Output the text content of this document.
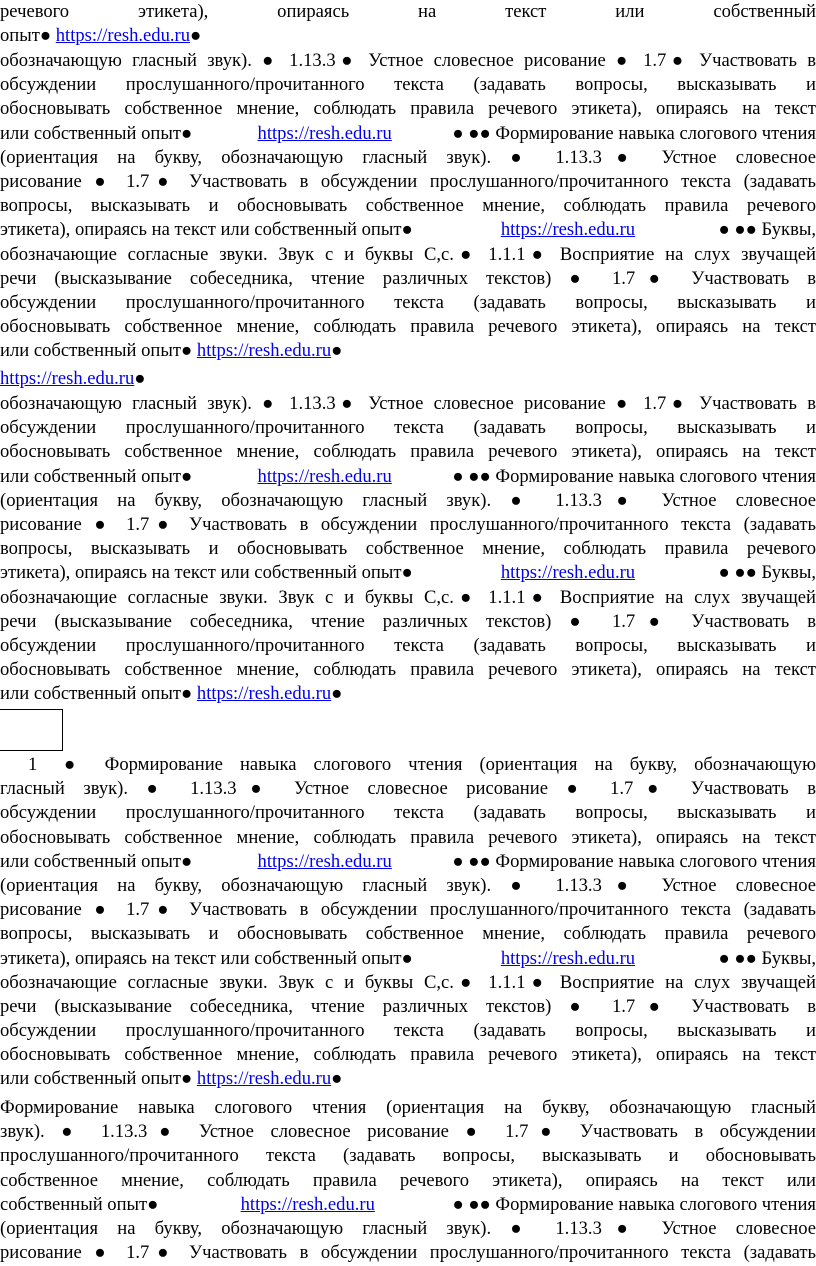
речевого этикета), опираясь на текст или собственный
опыт● https://resh.edu.ru●
обозначающую гласный звук). ● 1.13.3● Устное словесное рисование ● 1.7● Участвовать в
обсуждении прослушанного/прочитанного текста (задавать вопросы, высказывать и
обосновывать собственное мнение, соблюдать правила речевого этикета), опираясь на текст
или собственный опыт●	https://resh.edu.ru	● ●● Формирование навыка слогового чтения
(ориентация на букву, обозначающую гласный звук). ● 1.13.3● Устное словесное
рисование ● 1.7● Участвовать в обсуждении прослушанного/прочитанного текста (задавать
вопросы, высказывать и обосновывать собственное мнение, соблюдать правила речевого
этикета), опираясь на текст или собственный опыт●	https://resh.edu.ru	● ●● Буквы,
обозначающие согласные звуки. Звук с и буквы С,с.● 1.1.1● Восприятие на слух звучащей
речи (высказывание собеседника, чтение различных текстов) ● 1.7● Участвовать в
обсуждении прослушанного/прочитанного текста (задавать вопросы, высказывать и
обосновывать собственное мнение, соблюдать правила речевого этикета), опираясь на текст
или собственный опыт● https://resh.edu.ru●
https://resh.edu.ru●
обозначающую гласный звук). ● 1.13.3● Устное словесное рисование ● 1.7● Участвовать в
обсуждении прослушанного/прочитанного текста (задавать вопросы, высказывать и
обосновывать собственное мнение, соблюдать правила речевого этикета), опираясь на текст
или собственный опыт●	https://resh.edu.ru	● ●● Формирование навыка слогового чтения
(ориентация на букву, обозначающую гласный звук). ● 1.13.3● Устное словесное
рисование ● 1.7● Участвовать в обсуждении прослушанного/прочитанного текста (задавать
вопросы, высказывать и обосновывать собственное мнение, соблюдать правила речевого
этикета), опираясь на текст или собственный опыт●	https://resh.edu.ru	● ●● Буквы,
обозначающие согласные звуки. Звук с и буквы С,с.● 1.1.1● Восприятие на слух звучащей
речи (высказывание собеседника, чтение различных текстов) ● 1.7● Участвовать в
обсуждении прослушанного/прочитанного текста (задавать вопросы, высказывать и
обосновывать собственное мнение, соблюдать правила речевого этикета), опираясь на текст
или собственный опыт● https://resh.edu.ru●
● Формирование навыка слогового чтения (ориентация на букву, обозначающую
гласный звук). ● 1.13.3● Устное словесное рисование ● 1.7● Участвовать в
обсуждении прослушанного/прочитанного текста (задавать вопросы, высказывать и
обосновывать собственное мнение, соблюдать правила речевого этикета), опираясь на текст
или собственный опыт●	https://resh.edu.ru	● ●● Формирование навыка слогового чтения
(ориентация на букву, обозначающую гласный звук). ● 1.13.3● Устное словесное
рисование ● 1.7● Участвовать в обсуждении прослушанного/прочитанного текста (задавать
вопросы, высказывать и обосновывать собственное мнение, соблюдать правила речевого
этикета), опираясь на текст или собственный опыт●	https://resh.edu.ru	● ●● Буквы,
обозначающие согласные звуки. Звук с и буквы С,с.● 1.1.1● Восприятие на слух звучащей
речи (высказывание собеседника, чтение различных текстов) ● 1.7● Участвовать в
обсуждении прослушанного/прочитанного текста (задавать вопросы, высказывать и
обосновывать собственное мнение, соблюдать правила речевого этикета), опираясь на текст
или собственный опыт● https://resh.edu.ru●
1
Формирование навыка слогового чтения (ориентация на букву, обозначающую гласный
звук). ● 1.13.3● Устное словесное рисование ● 1.7● Участвовать в обсуждении
прослушанного/прочитанного текста (задавать вопросы, высказывать и обосновывать
собственное мнение, соблюдать правила речевого этикета), опираясь на текст или
собственный опыт●	https://resh.edu.ru	● ●● Формирование навыка слогового чтения
(ориентация на букву, обозначающую гласный звук). ● 1.13.3● Устное словесное
рисование ● 1.7● Участвовать в обсуждении прослушанного/прочитанного текста (задавать
